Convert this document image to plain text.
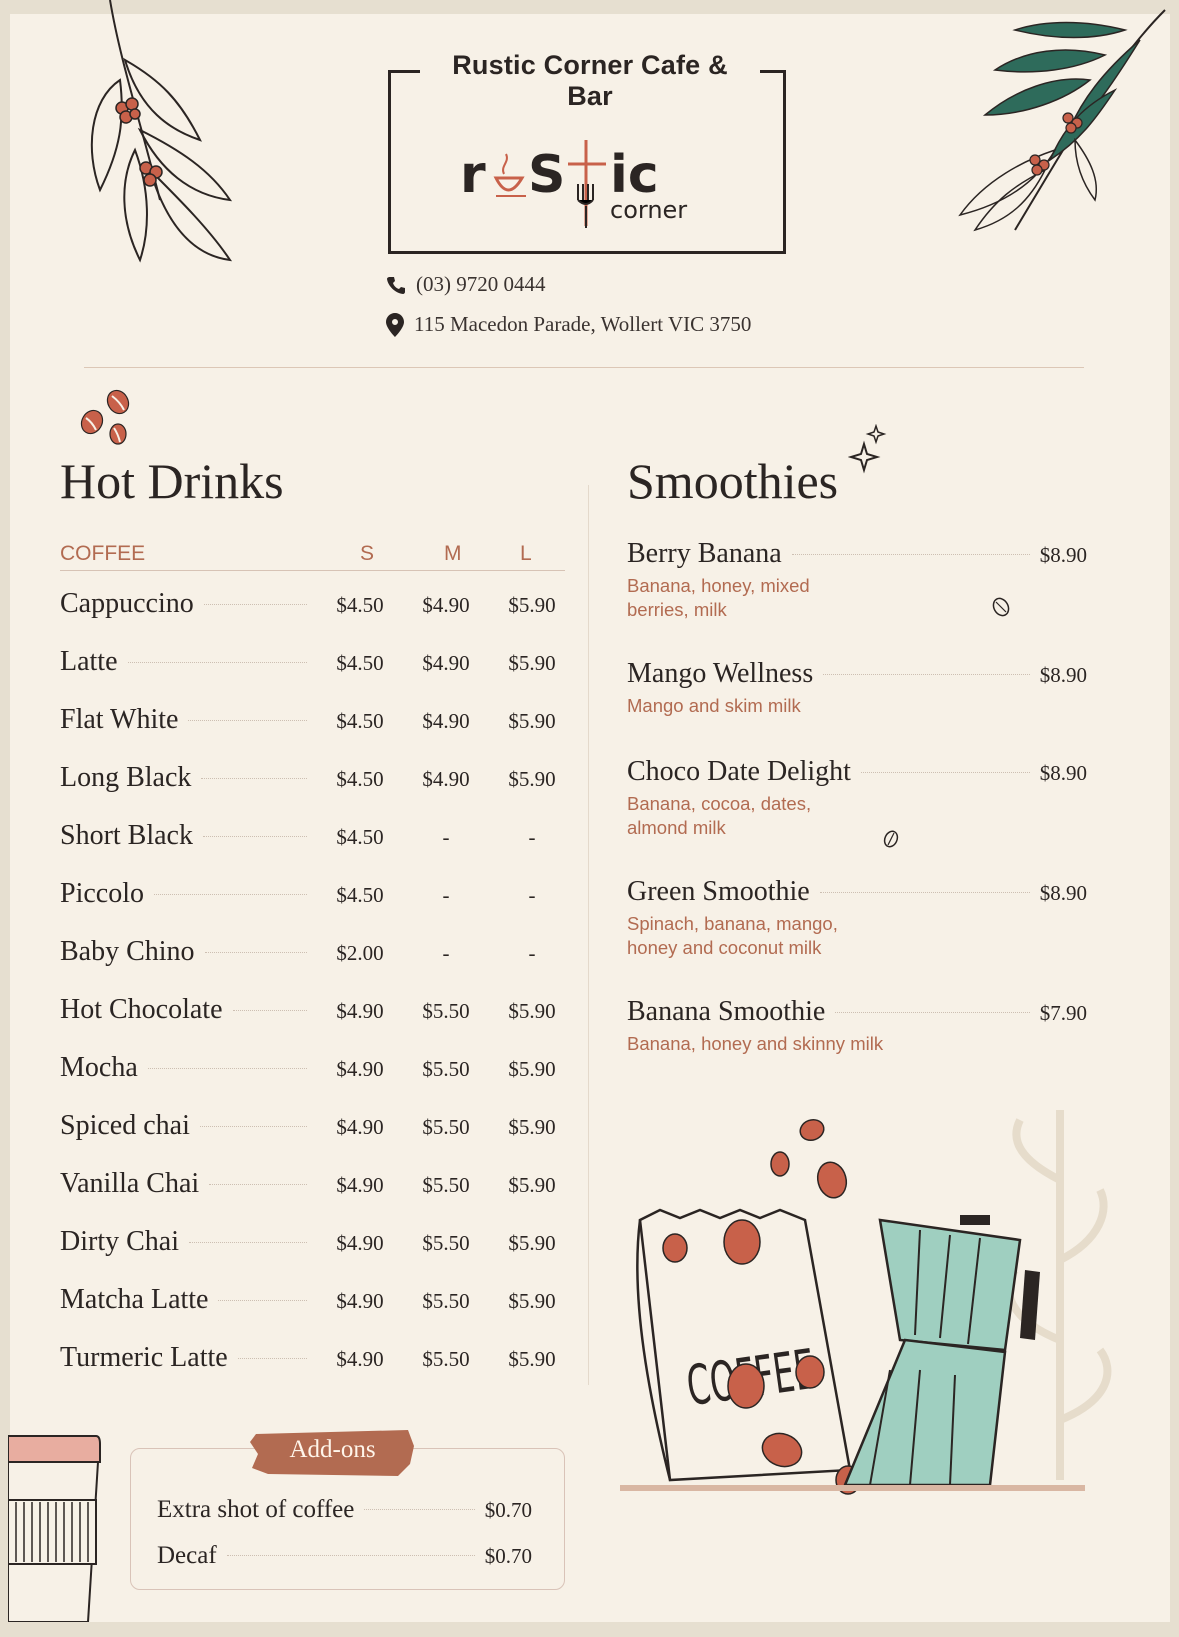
Rustic Corner Cafe & Bar
r S ic
corner
(03) 9720 0444
115 Macedon Parade, Wollert VIC 3750
Hot Drinks
COFFEE	S	M	L
Cappuccino	$4.50	$4.90	$5.90
Latte	$4.50	$4.90	$5.90
Flat White	$4.50	$4.90	$5.90
Long Black	$4.50	$4.90	$5.90
Short Black	$4.50	-	-
Piccolo	$4.50	-	-
Baby Chino	$2.00	-	-
Hot Chocolate	$4.90	$5.50	$5.90
Mocha	$4.90	$5.50	$5.90
Spiced chai	$4.90	$5.50	$5.90
Vanilla Chai	$4.90	$5.50	$5.90
Dirty Chai	$4.90	$5.50	$5.90
Matcha Latte	$4.90	$5.50	$5.90
Turmeric Latte	$4.90	$5.50	$5.90
Add-ons
Extra shot of coffee	$0.70
Decaf	$0.70
Smoothies
Berry Banana	$8.90
Banana, honey, mixed
berries, milk
Mango Wellness	$8.90
Mango and skim milk
Choco Date Delight	$8.90
Banana, cocoa, dates,
almond milk
Green Smoothie	$8.90
Spinach, banana, mango,
honey and coconut milk
Banana Smoothie	$7.90
Banana, honey and skinny milk
